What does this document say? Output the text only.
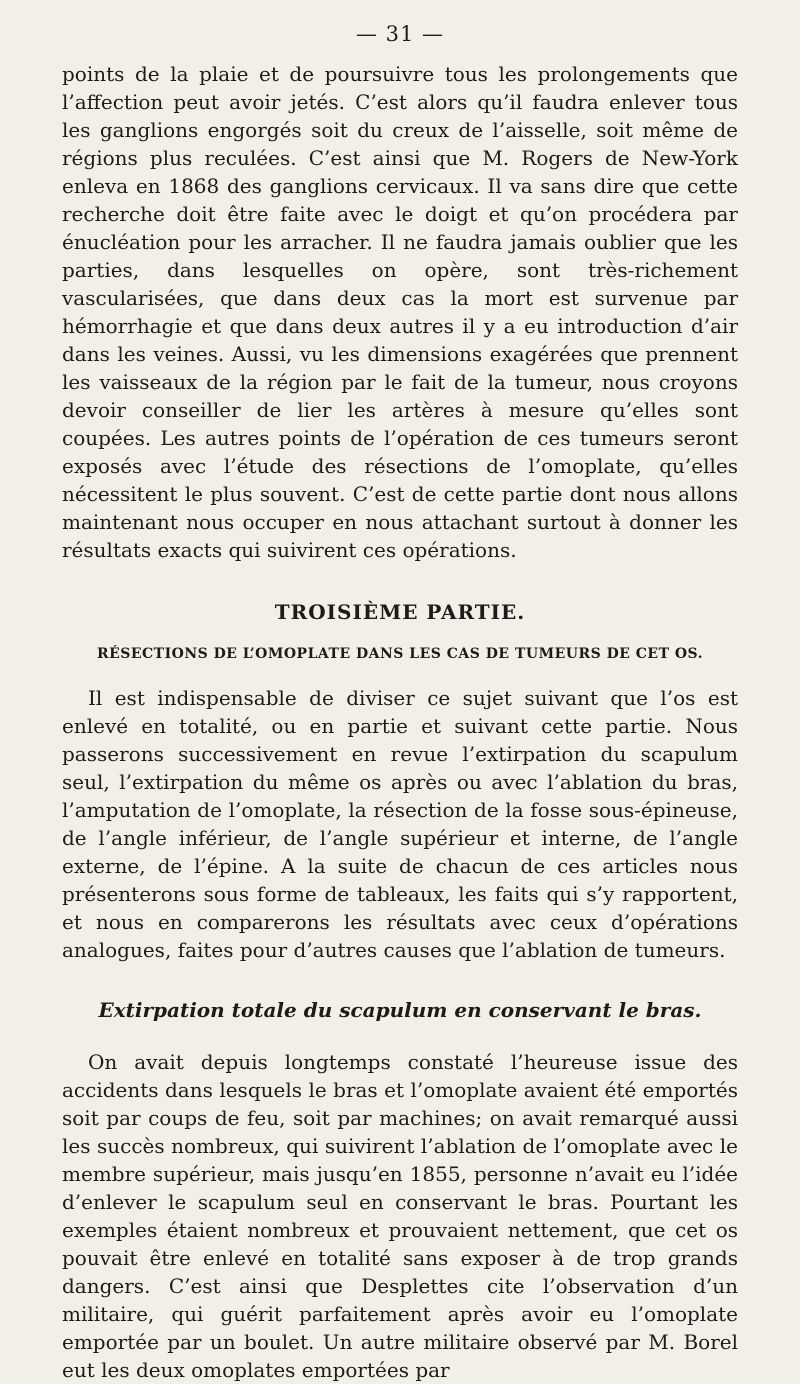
— 31 —

points de la plaie et de poursuivre tous les prolongements que l’affection peut avoir jetés. C’est alors qu’il faudra enlever tous les ganglions engorgés soit du creux de l’aisselle, soit même de régions plus reculées. C’est ainsi que M. Rogers de New-York enleva en 1868 des ganglions cervicaux. Il va sans dire que cette recherche doit être faite avec le doigt et qu’on procédera par énucléation pour les arracher. Il ne faudra jamais oublier que les parties, dans lesquelles on opère, sont très-richement vascularisées, que dans deux cas la mort est survenue par hémorrhagie et que dans deux autres il y a eu introduction d’air dans les veines. Aussi, vu les dimensions exagérées que prennent les vaisseaux de la région par le fait de la tumeur, nous croyons devoir conseiller de lier les artères à mesure qu’elles sont coupées. Les autres points de l’opération de ces tumeurs seront exposés avec l’étude des résections de l’omoplate, qu’elles nécessitent le plus souvent. C’est de cette partie dont nous allons maintenant nous occuper en nous attachant surtout à donner les résultats exacts qui suivirent ces opérations.

TROISIÈME PARTIE.
RÉSECTIONS DE L’OMOPLATE DANS LES CAS DE TUMEURS DE CET OS.

Il est indispensable de diviser ce sujet suivant que l’os est enlevé en totalité, ou en partie et suivant cette partie. Nous passerons successivement en revue l’extirpation du scapulum seul, l’extirpation du même os après ou avec l’ablation du bras, l’amputation de l’omoplate, la résection de la fosse sous-épineuse, de l’angle inférieur, de l’angle supérieur et interne, de l’angle externe, de l’épine. A la suite de chacun de ces articles nous présenterons sous forme de tableaux, les faits qui s’y rapportent, et nous en comparerons les résultats avec ceux d’opérations analogues, faites pour d’autres causes que l’ablation de tumeurs.

Extirpation totale du scapulum en conservant le bras.

On avait depuis longtemps constaté l’heureuse issue des accidents dans lesquels le bras et l’omoplate avaient été emportés soit par coups de feu, soit par machines; on avait remarqué aussi les succès nombreux, qui suivirent l’ablation de l’omoplate avec le membre supérieur, mais jusqu’en 1855, personne n’avait eu l’idée d’enlever le scapulum seul en conservant le bras. Pourtant les exemples étaient nombreux et prouvaient nettement, que cet os pouvait être enlevé en totalité sans exposer à de trop grands dangers. C’est ainsi que Desplettes cite l’observation d’un militaire, qui guérit parfaitement après avoir eu l’omoplate emportée par un boulet. Un autre militaire observé par M. Borel eut les deux omoplates emportées par
